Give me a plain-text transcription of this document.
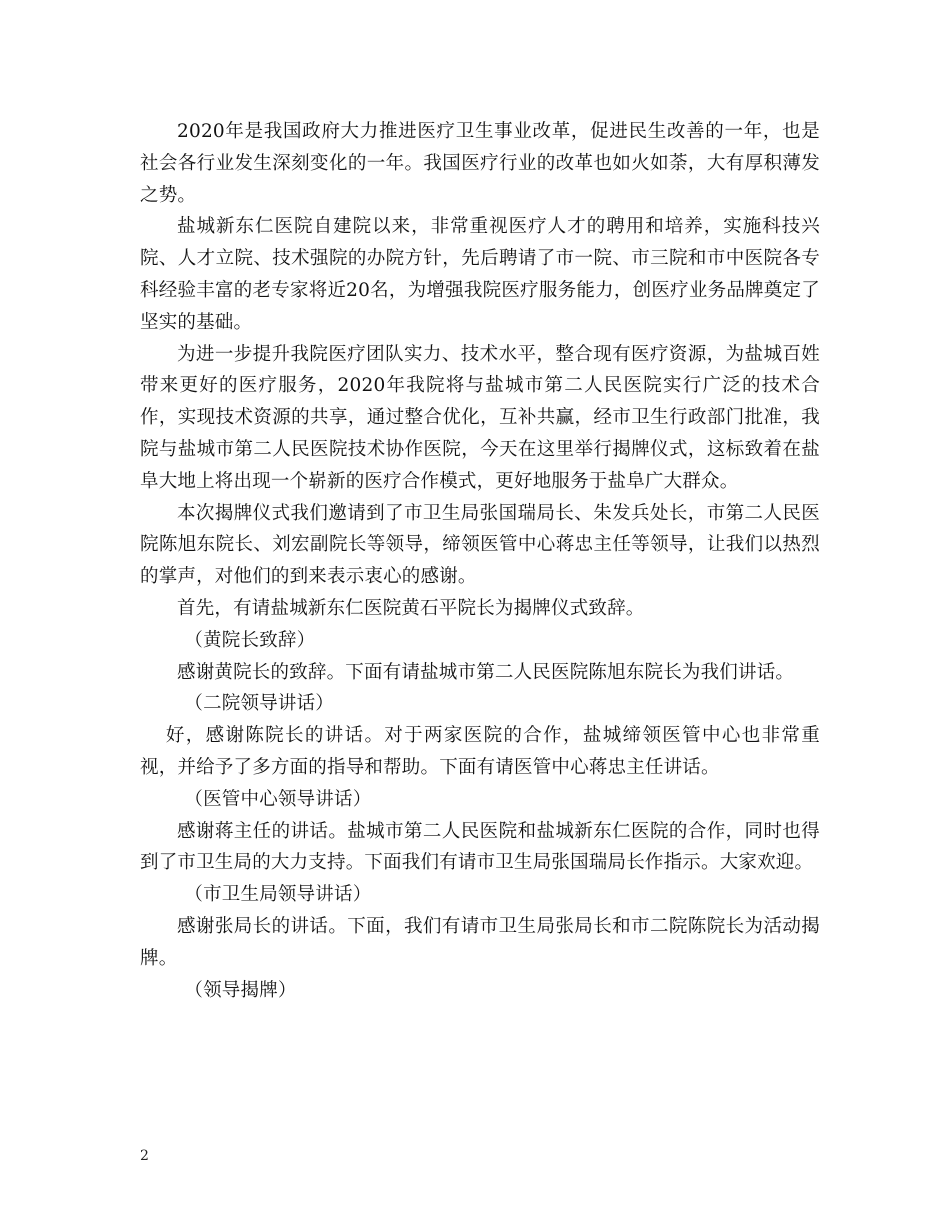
2020年是我国政府大力推进医疗卫生事业改革，促进民生改善的一年，也是社会各行业发生深刻变化的一年。我国医疗行业的改革也如火如荼，大有厚积薄发之势。

盐城新东仁医院自建院以来，非常重视医疗人才的聘用和培养，实施科技兴院、人才立院、技术强院的办院方针，先后聘请了市一院、市三院和市中医院各专科经验丰富的老专家将近20名，为增强我院医疗服务能力，创医疗业务品牌奠定了坚实的基础。

为进一步提升我院医疗团队实力、技术水平，整合现有医疗资源，为盐城百姓带来更好的医疗服务，2020年我院将与盐城市第二人民医院实行广泛的技术合作，实现技术资源的共享，通过整合优化，互补共赢，经市卫生行政部门批准，我院与盐城市第二人民医院技术协作医院，今天在这里举行揭牌仪式，这标致着在盐阜大地上将出现一个崭新的医疗合作模式，更好地服务于盐阜广大群众。

本次揭牌仪式我们邀请到了市卫生局张国瑞局长、朱发兵处长，市第二人民医院陈旭东院长、刘宏副院长等领导，缔领医管中心蒋忠主任等领导，让我们以热烈的掌声，对他们的到来表示衷心的感谢。

首先，有请盐城新东仁医院黄石平院长为揭牌仪式致辞。

（黄院长致辞）

感谢黄院长的致辞。下面有请盐城市第二人民医院陈旭东院长为我们讲话。

（二院领导讲话）

好，感谢陈院长的讲话。对于两家医院的合作，盐城缔领医管中心也非常重视，并给予了多方面的指导和帮助。下面有请医管中心蒋忠主任讲话。

（医管中心领导讲话）

感谢蒋主任的讲话。盐城市第二人民医院和盐城新东仁医院的合作，同时也得到了市卫生局的大力支持。下面我们有请市卫生局张国瑞局长作指示。大家欢迎。

（市卫生局领导讲话）

感谢张局长的讲话。下面，我们有请市卫生局张局长和市二院陈院长为活动揭牌。

（领导揭牌）

2
